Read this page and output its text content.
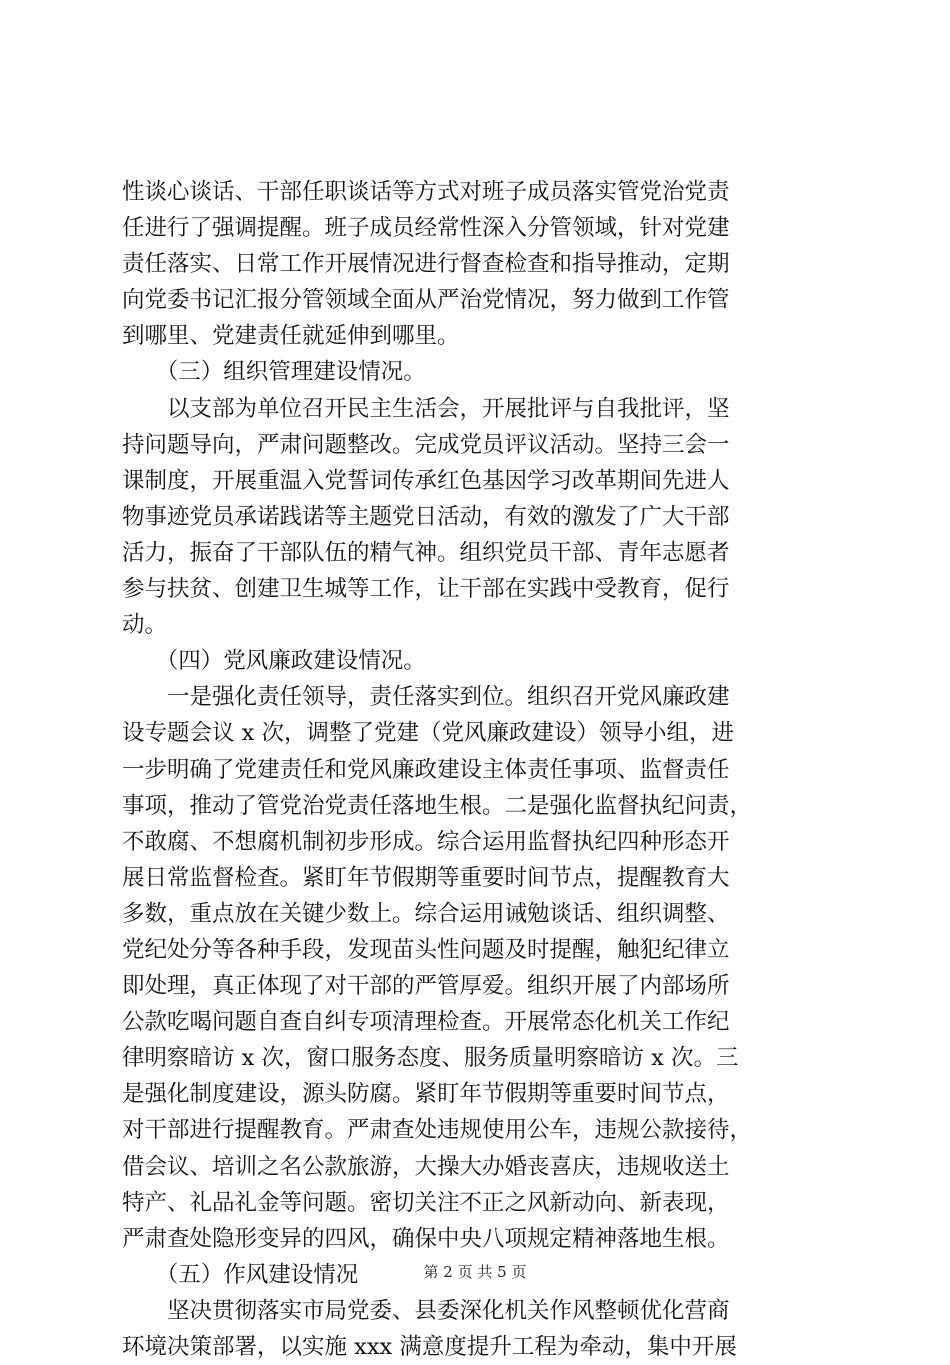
性谈心谈话、干部任职谈话等方式对班子成员落实管党治党责
任进行了强调提醒。班子成员经常性深入分管领域，针对党建
责任落实、日常工作开展情况进行督查检查和指导推动，定期
向党委书记汇报分管领域全面从严治党情况，努力做到工作管
到哪里、党建责任就延伸到哪里。
　　（三）组织管理建设情况。
　　以支部为单位召开民主生活会，开展批评与自我批评，坚
持问题导向，严肃问题整改。完成党员评议活动。坚持三会一
课制度，开展重温入党誓词传承红色基因学习改革期间先进人
物事迹党员承诺践诺等主题党日活动，有效的激发了广大干部
活力，振奋了干部队伍的精气神。组织党员干部、青年志愿者
参与扶贫、创建卫生城等工作，让干部在实践中受教育，促行
动。
　　（四）党风廉政建设情况。
　　一是强化责任领导，责任落实到位。组织召开党风廉政建
设专题会议 x 次，调整了党建（党风廉政建设）领导小组，进
一步明确了党建责任和党风廉政建设主体责任事项、监督责任
事项，推动了管党治党责任落地生根。二是强化监督执纪问责，
不敢腐、不想腐机制初步形成。综合运用监督执纪四种形态开
展日常监督检查。紧盯年节假期等重要时间节点，提醒教育大
多数，重点放在关键少数上。综合运用诫勉谈话、组织调整、
党纪处分等各种手段，发现苗头性问题及时提醒，触犯纪律立
即处理，真正体现了对干部的严管厚爱。组织开展了内部场所
公款吃喝问题自查自纠专项清理检查。开展常态化机关工作纪
律明察暗访 x 次，窗口服务态度、服务质量明察暗访 x 次。三
是强化制度建设，源头防腐。紧盯年节假期等重要时间节点，
对干部进行提醒教育。严肃查处违规使用公车，违规公款接待，
借会议、培训之名公款旅游，大操大办婚丧喜庆，违规收送土
特产、礼品礼金等问题。密切关注不正之风新动向、新表现，
严肃查处隐形变异的四风，确保中央八项规定精神落地生根。
　　（五）作风建设情况
　　坚决贯彻落实市局党委、县委深化机关作风整顿优化营商
环境决策部署，以实施 xxx 满意度提升工程为牵动，集中开展
第 2 页 共 5 页
